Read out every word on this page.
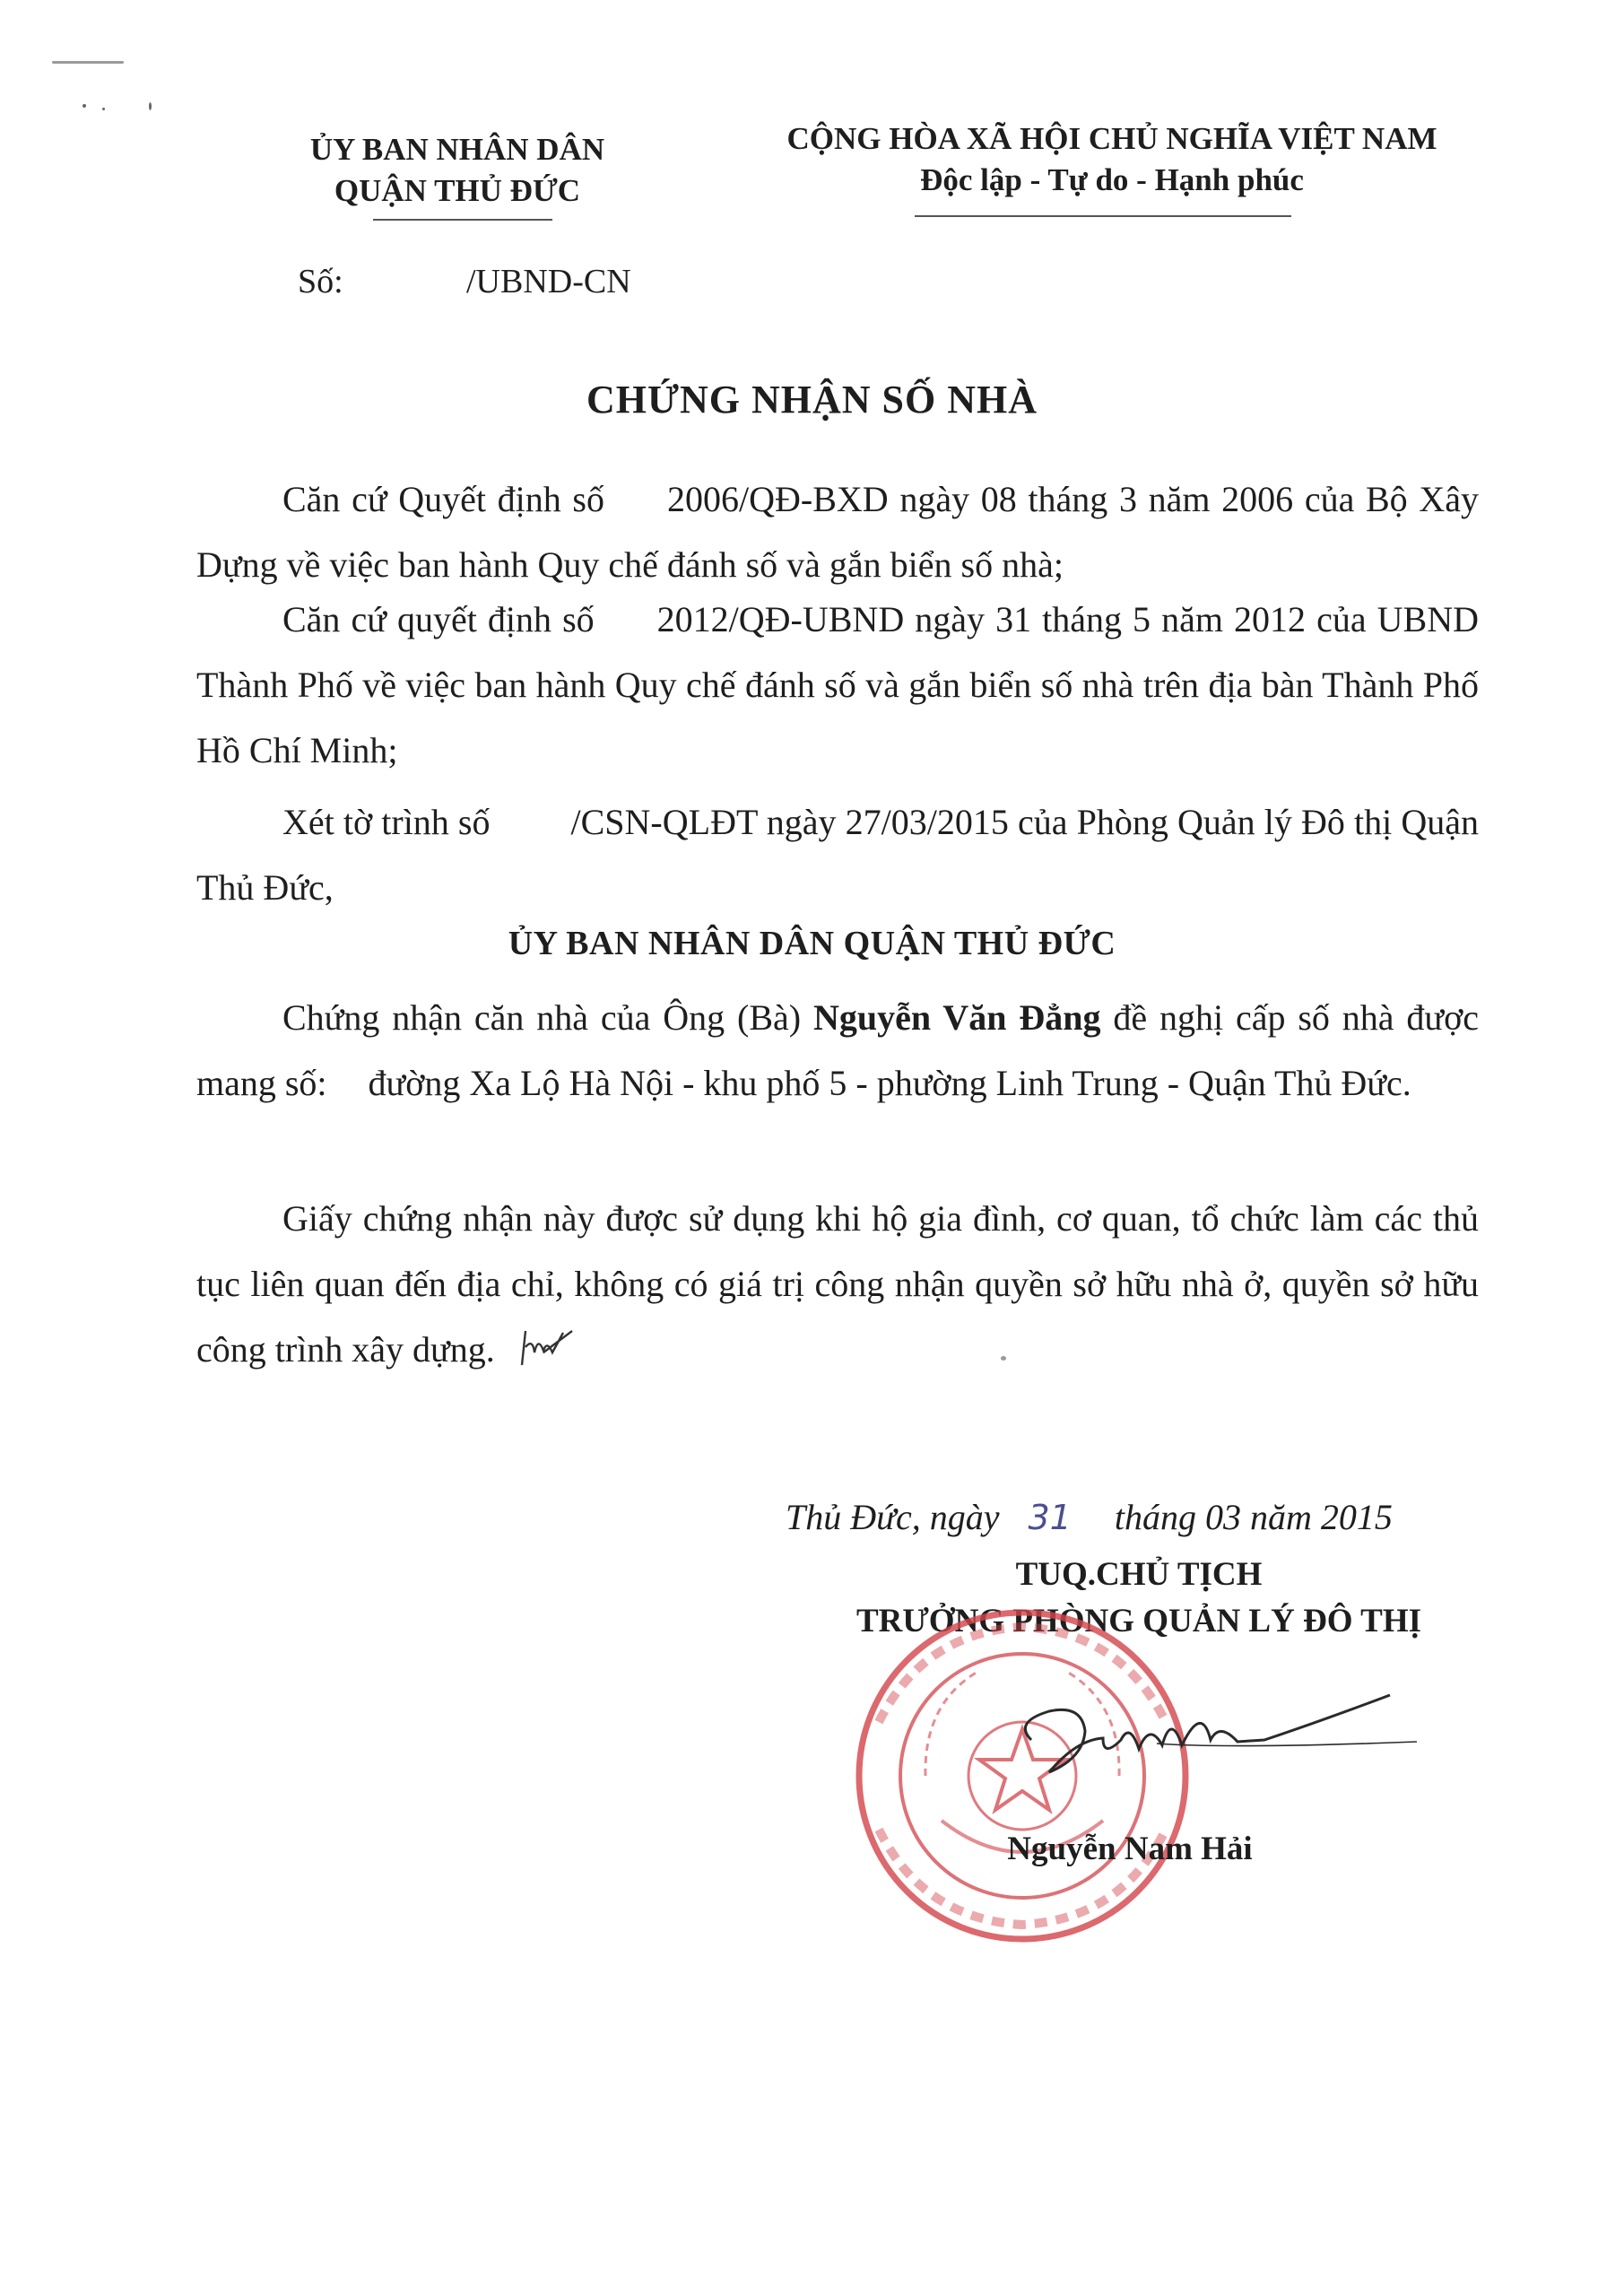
ỦY BAN NHÂN DÂN
QUẬN THỦ ĐỨC
CỘNG HÒA XÃ HỘI CHỦ NGHĨA VIỆT NAM
Độc lập - Tự do - Hạnh phúc
Số:	/UBND-CN
CHỨNG NHẬN SỐ NHÀ
Căn cứ Quyết định số 2006/QĐ-BXD ngày 08 tháng 3 năm 2006 của Bộ Xây Dựng về việc ban hành Quy chế đánh số và gắn biển số nhà;
Căn cứ quyết định số 2012/QĐ-UBND ngày 31 tháng 5 năm 2012 của UBND Thành Phố về việc ban hành Quy chế đánh số và gắn biển số nhà trên địa bàn Thành Phố Hồ Chí Minh;
Xét tờ trình số /CSN-QLĐT ngày 27/03/2015 của Phòng Quản lý Đô thị Quận Thủ Đức,
ỦY BAN NHÂN DÂN QUẬN THỦ ĐỨC
Chứng nhận căn nhà của Ông (Bà) Nguyễn Văn Đẳng đề nghị cấp số nhà được mang số: đường Xa Lộ Hà Nội - khu phố 5 - phường Linh Trung - Quận Thủ Đức.
Giấy chứng nhận này được sử dụng khi hộ gia đình, cơ quan, tổ chức làm các thủ tục liên quan đến địa chỉ, không có giá trị công nhận quyền sở hữu nhà ở, quyền sở hữu công trình xây dựng.
Thủ Đức, ngày 31 tháng 03 năm 2015
TUQ.CHỦ TỊCH
TRƯỞNG PHÒNG QUẢN LÝ ĐÔ THỊ
Nguyễn Nam Hải
